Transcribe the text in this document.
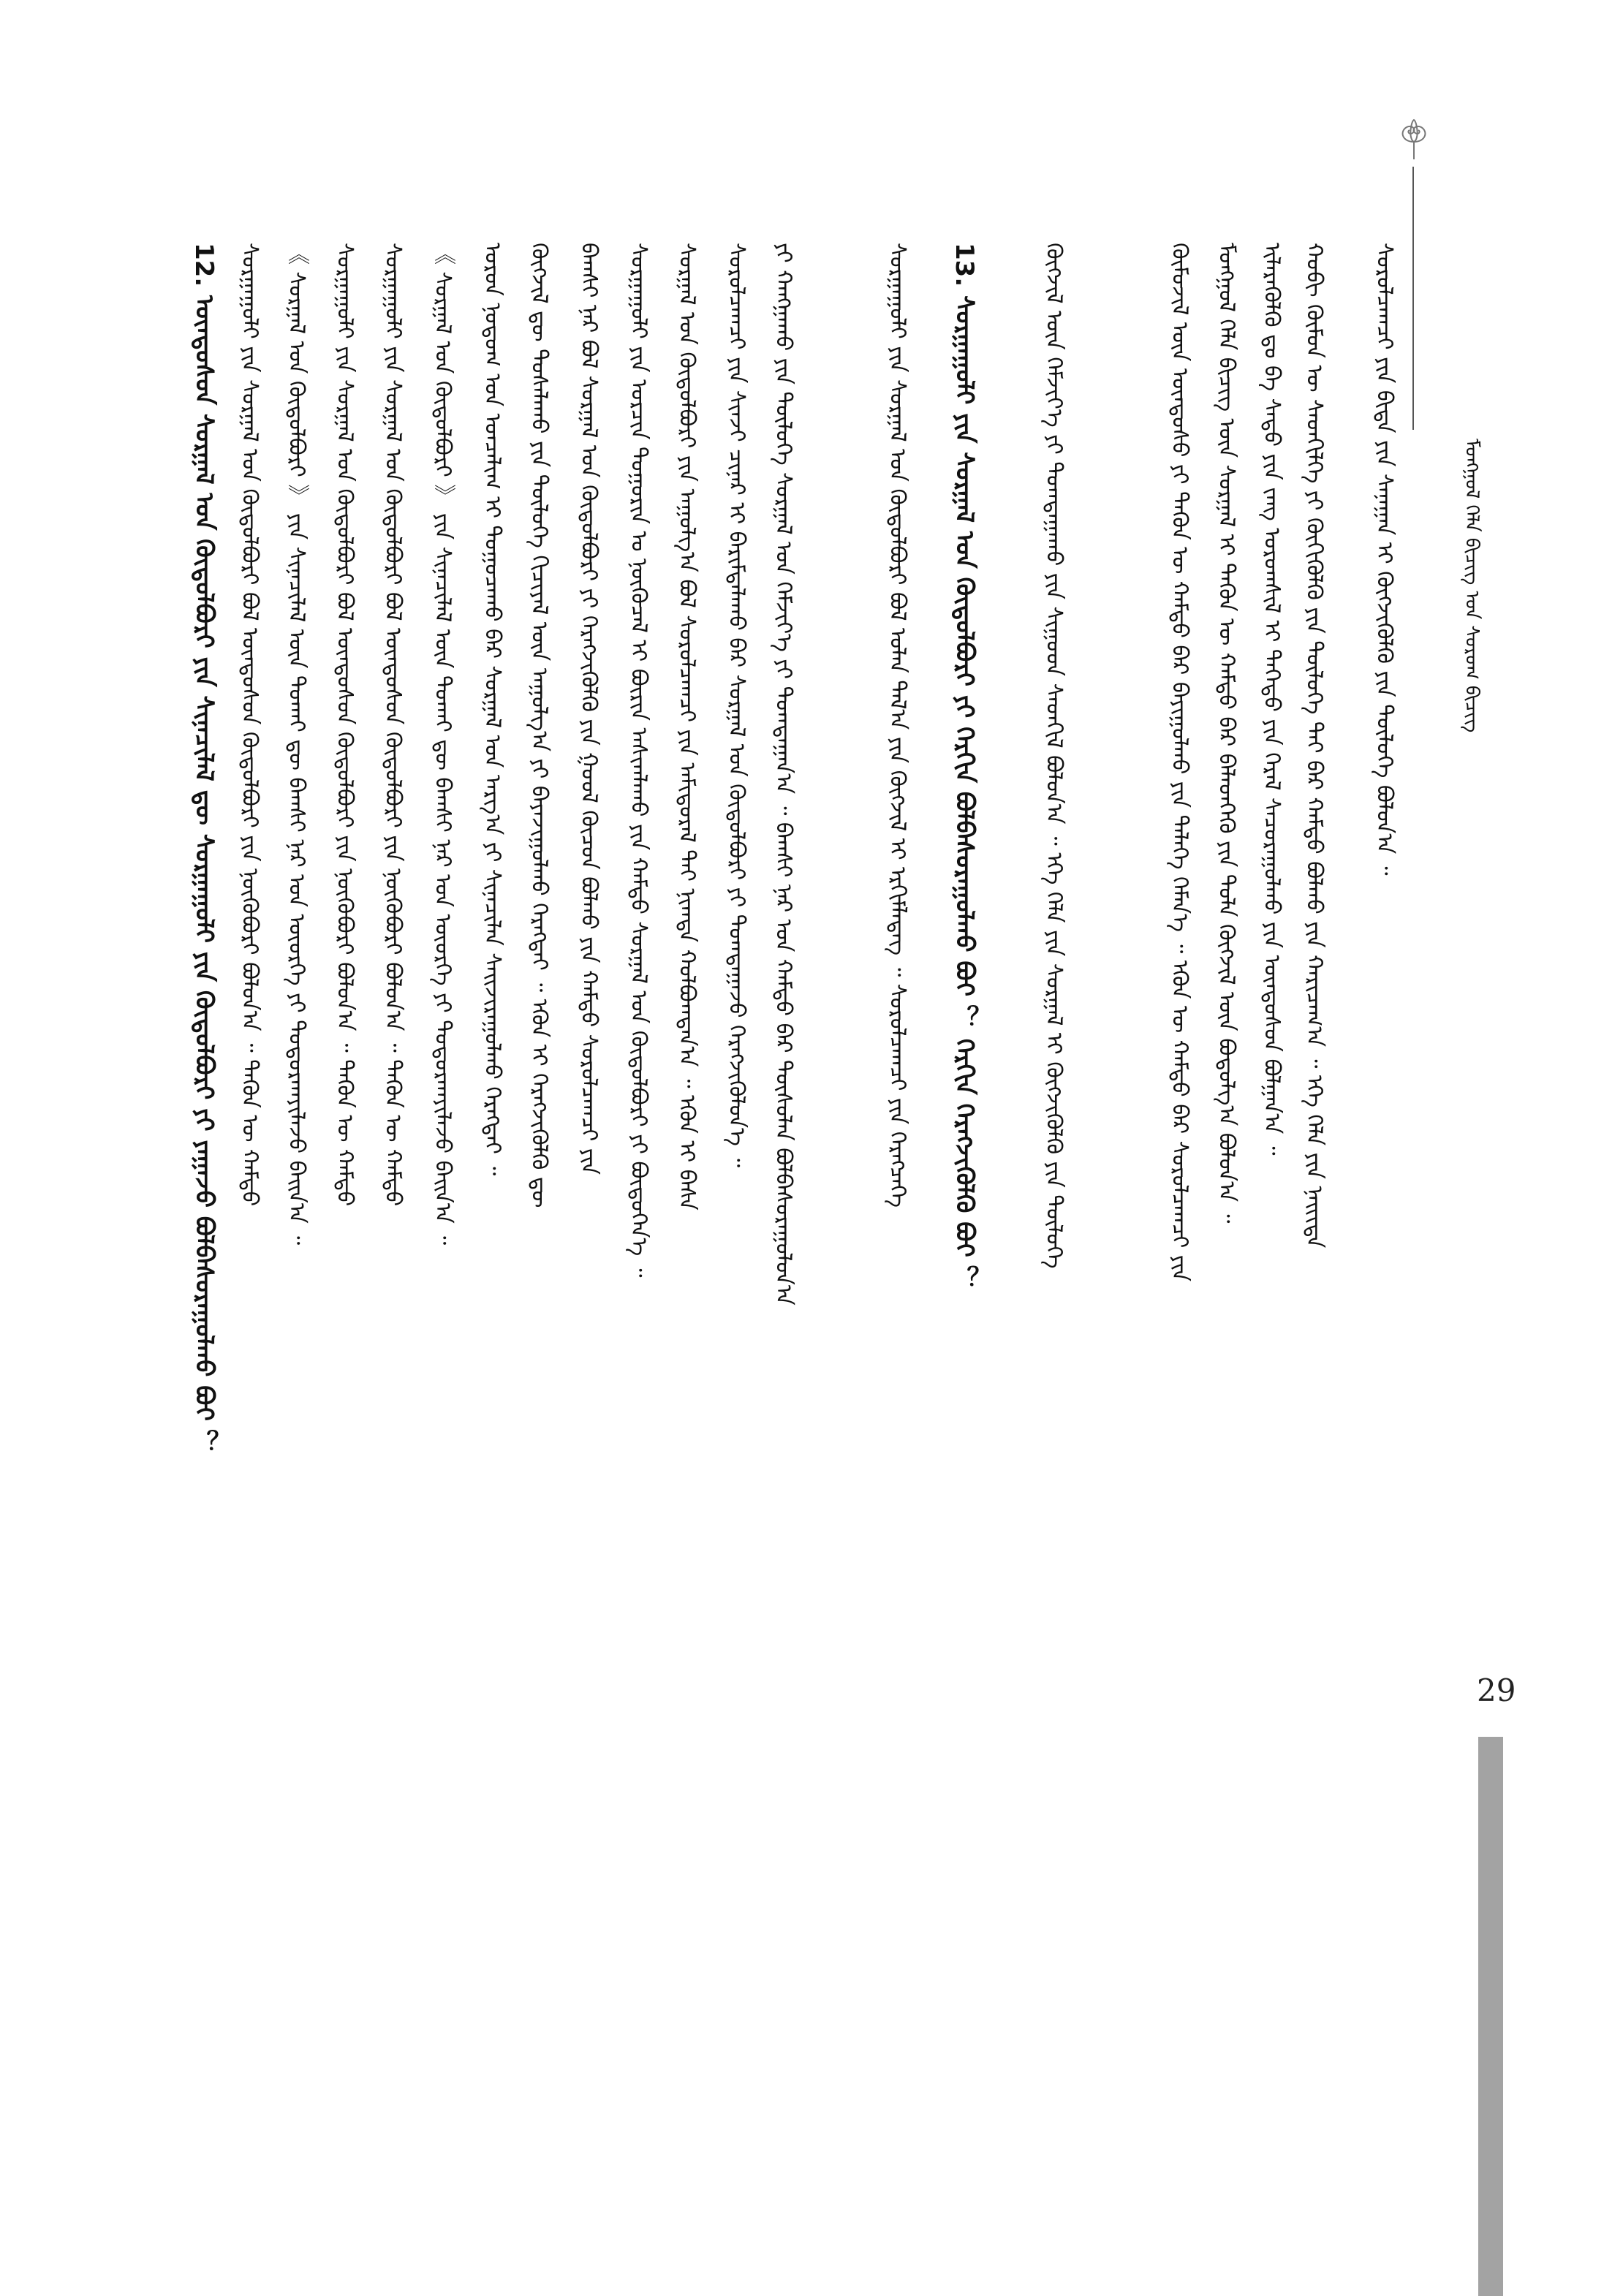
ᠮᠣᠩᠭᠣᠯ ᠬᠡᠯᠡ ᠪᠢᠴᠢᠭ᠌ ᠤᠨ ᠰᠤᠷᠤᠬ ᠪᠢᠴᠢᠭ᠌
ᠰᠤᠷᠤᠯᠴᠠᠭᠴᠢ ᠶᠢᠨ ᠪᠢᠳᠡ ᠶᠢᠨ ᠰᠠᠨᠠᠭᠠᠨ ᠢ ᠬᠥᠭᠵᠢᠭᠦᠯᠬᠦ ᠶᠢᠨ ᠲᠥᠯᠥᠭᠡ ᠪᠣᠯᠤᠨ᠎ᠠ ᠃
ᠬᠤᠪᠢ ᠬᠥᠮᠦᠨ ᠦ ᠰᠡᠳᠬᠢᠯᠭᠡ ᠶᠢ ᠬᠥᠬᠢᠭᠦᠯᠬᠦ ᠶᠢᠨ ᠲᠥᠯᠥᠭᠡ ᠲᠠᠢ ᠪᠡᠷ ᠬᠠᠮᠲᠤ ᠪᠣᠯᠬᠤ ᠶᠢᠨ ᠬᠠᠷᠢᠴᠠᠭ᠎ᠠ ᠃ ᠡᠬᠡ ᠬᠡᠯᠡ ᠶᠢᠨ ᠨᠡᠢᠢᠲᠡ
ᠢᠯᠡᠷᠡᠭᠦᠯᠬᠦ ᠳᠤ ᠪᠠ ᠰᠠᠳᠤ ᠶᠢᠨ ᠵᠠᠩ ᠤᠷᠤᠭᠰᠢᠯ ᠢ ᠳᠡᠭᠡᠳᠦ ᠶᠢᠨ ᠭᠡᠷᠡᠯ ᠰᠠᠴᠤᠷᠠᠭᠤᠯᠬᠤ ᠶᠢᠨ ᠦᠨᠳᠦᠰᠦᠨ ᠪᠣᠯᠭᠠᠨ᠎ᠠ ᠃
ᠮᠣᠩᠭᠣᠯ ᠬᠡᠯᠡ ᠪᠢᠴᠢᠭ᠌ ᠦᠨ ᠰᠤᠷᠭᠠᠯ ᠢ ᠲᠡᠭᠦᠨ ᠦ ᠬᠠᠮᠲᠤ ᠪᠠᠷ ᠪᠡᠯᠡᠳᠬᠡᠬᠦ ᠶᠢᠨ ᠲᠤᠯᠠ ᠬᠥᠭᠵᠢᠯ ᠦᠨ ᠪᠣᠳᠤᠯᠭ᠎ᠠ ᠪᠣᠯᠤᠨ᠎ᠠ ᠃
ᠬᠦᠮᠦᠵᠢᠯ ᠦᠨ ᠦᠨᠳᠦᠰᠦ ᠶᠢ ᠲᠡᠭᠦᠨ ᠦ ᠬᠠᠮᠲᠤ ᠪᠠᠷ ᠪᠠᠶᠢᠭᠤᠯᠬᠤ ᠶᠢᠨ ᠲᠡᠯᠡᠭᠡ ᠬᠡᠮᠡᠨ᠎ᠡ ᠃ ᠡᠭᠦᠨ ᠦ ᠬᠠᠮᠲᠤ ᠪᠠᠷ ᠰᠤᠷᠤᠯᠴᠠᠭᠴᠢ ᠶᠢᠨ
ᠬᠥᠭᠵᠢᠯ ᠦᠨ ᠬᠡᠮᠵᠢᠶ᠎ᠡ ᠶᠢ ᠲᠣᠭᠲᠠᠭᠠᠬᠤ ᠶᠢᠨ ᠰᠢᠭᠤᠳ ᠰᠡᠳᠬᠢᠯ ᠪᠣᠯᠤᠨ᠎ᠠ ᠃ ᠡᠬᠡ ᠬᠡᠯᠡ ᠶᠢᠨ ᠰᠤᠷᠭᠠᠯ ᠢ ᠬᠥᠭᠵᠢᠭᠦᠯᠬᠦ ᠶᠢᠨ ᠲᠥᠯᠥᠭᠡ
13. ᠰᠤᠷᠭᠠᠭᠤᠯᠢ ᠶᠢᠨ ᠰᠤᠷᠭᠠᠯ ᠤᠨ ᠬᠥᠲᠦᠯᠪᠦᠷᠢ ᠶᠢ ᠬᠡᠷᠬᠢᠨ ᠪᠣᠯᠪᠠᠰᠤᠷᠠᠭᠤᠯᠬᠤ ᠪᠤᠢ ？ ᠬᠡᠷᠬᠢᠨ ᠬᠡᠷᠡᠭᠵᠢᠭᠦᠯᠬᠦ ᠪᠤᠢ ？
ᠰᠤᠷᠭᠠᠭᠤᠯᠢ ᠶᠢᠨ ᠰᠤᠷᠭᠠᠯ ᠤᠨ ᠬᠥᠲᠦᠯᠪᠦᠷᠢ ᠪᠣᠯ ᠣᠯᠠᠨ ᠲᠠᠯ᠎ᠠ ᠶᠢᠨ ᠬᠥᠭᠵᠢᠯ ᠢ ᠡᠷᠬᠢᠮᠯᠡᠳᠡᠭ ᠃ ᠰᠤᠷᠤᠯᠴᠠᠭᠴᠢ ᠶᠢᠨ ᠬᠡᠷᠡᠭᠴᠡᠭᠡ
ᠶᠢ ᠬᠠᠩᠭᠠᠬᠤ ᠶᠢᠨ ᠲᠥᠯᠥᠭᠡ ᠰᠤᠷᠭᠠᠯ ᠤᠨ ᠬᠡᠮᠵᠢᠶ᠎ᠡ ᠶᠢ ᠲᠣᠭᠲᠠᠭᠠᠨ᠎ᠠ ᠃ ᠪᠠᠭᠰᠢ ᠨᠠᠷ ᠤᠨ ᠬᠠᠮᠲᠤ ᠪᠠᠷ ᠲᠥᠰᠥᠯᠡᠨ ᠪᠣᠯᠪᠠᠰᠤᠷᠠᠭᠤᠯᠤᠨ᠎ᠠ
ᠰᠤᠷᠤᠯᠴᠠᠭᠴᠢ ᠶᠢᠨ ᠰᠢᠨᠵᠢ ᠴᠢᠨᠠᠷ ᠢ ᠪᠠᠷᠢᠮᠲᠠᠯᠠᠬᠤ ᠪᠠᠷ ᠰᠤᠷᠭᠠᠯ ᠤᠨ ᠬᠥᠲᠦᠯᠪᠦᠷᠢ ᠶᠢ ᠲᠣᠭᠲᠠᠭᠠᠵᠤ ᠬᠡᠷᠡᠭᠵᠢᠭᠦᠯᠦᠨ᠎ᠡ ᠃
ᠰᠤᠷᠭᠠᠯ ᠤᠨ ᠬᠥᠲᠦᠯᠪᠦᠷᠢ ᠶᠢᠨ ᠠᠭᠤᠯᠭ᠎ᠠ ᠪᠣᠯ ᠰᠤᠷᠤᠯᠴᠠᠭᠴᠢ ᠶᠢᠨ ᠠᠮᠢᠳᠤᠷᠠᠯ ᠲᠠᠢ ᠨᠢᠭᠲᠠ ᠬᠣᠯᠪᠣᠭᠳᠠᠨ᠎ᠠ ᠃ ᠡᠭᠦᠨ ᠢ ᠪᠠᠰᠠ
ᠰᠤᠷᠭᠠᠭᠤᠯᠢ ᠶᠢᠨ ᠣᠷᠴᠢᠨ ᠲᠣᠭᠣᠷᠢᠨ ᠤ ᠨᠥᠬᠥᠴᠡᠯ ᠢ ᠪᠦᠷᠢᠨ ᠠᠰᠢᠭᠯᠠᠬᠤ ᠶᠢᠨ ᠬᠠᠮᠲᠤ ᠰᠤᠷᠭᠠᠯ ᠤᠨ ᠬᠥᠲᠦᠯᠪᠦᠷᠢ ᠶᠢ ᠪᠦᠲᠦᠭᠡᠨ᠎ᠡ ᠃
ᠪᠠᠭᠰᠢ ᠨᠠᠷ ᠪᠣᠯ ᠰᠤᠷᠭᠠᠯ ᠤᠨ ᠬᠥᠲᠦᠯᠪᠦᠷᠢ ᠶᠢ ᠬᠡᠷᠡᠭᠵᠢᠭᠦᠯᠬᠦ ᠶᠢᠨ ᠭᠣᠣᠯ ᠬᠦᠴᠦᠨ ᠪᠣᠯᠬᠤ ᠶᠢᠨ ᠬᠠᠮᠲᠤ ᠰᠤᠷᠤᠯᠴᠠᠭᠴᠢ ᠶᠢᠨ
ᠬᠥᠭᠵᠢᠯ ᠳᠦ ᠲᠤᠰᠠᠯᠠᠬᠤ ᠶᠢᠨ ᠲᠥᠯᠥᠭᠡ ᠬᠢᠴᠢᠶᠡᠯ ᠦᠨ ᠠᠭᠤᠯᠭ᠎ᠠ ᠶᠢ ᠪᠠᠶᠠᠵᠢᠭᠤᠯᠬᠤ ᠬᠡᠷᠡᠭᠲᠡᠢ ᠃ ᠡᠭᠦᠨ ᠢ ᠬᠡᠷᠡᠭᠵᠢᠭᠦᠯᠬᠦ ᠳᠦ
ᠣᠷᠣᠨ ᠨᠤᠲᠤᠭ ᠤᠨ ᠣᠨᠴᠠᠯᠢᠭ ᠢ ᠲᠣᠭᠣᠴᠠᠬᠤ ᠪᠠᠷ ᠰᠤᠷᠭᠠᠯ ᠤᠨ ᠠᠷᠭ᠎ᠠ ᠶᠢ ᠰᠢᠨᠡᠴᠢᠯᠡᠨ ᠰᠠᠢᠵᠢᠷᠠᠭᠤᠯᠬᠤ ᠬᠡᠷᠡᠭᠲᠡᠢ ᠃
《 ᠰᠤᠷᠭᠠᠯ ᠤᠨ ᠬᠥᠲᠦᠯᠪᠦᠷᠢ 》 ᠶᠢᠨ ᠰᠢᠨᠡᠴᠢᠯᠡᠯ ᠦᠨ ᠲᠤᠬᠠᠢ ᠳᠦ ᠪᠠᠭᠰᠢ ᠨᠠᠷ ᠤᠨ ᠦᠦᠷᠭᠡ ᠶᠢ ᠲᠣᠳᠣᠷᠬᠠᠶᠢᠯᠠᠵᠤ ᠪᠠᠢᠨ᠎ᠠ ᠃
ᠰᠤᠷᠭᠠᠭᠤᠯᠢ ᠶᠢᠨ ᠰᠤᠷᠭᠠᠯ ᠤᠨ ᠬᠥᠲᠦᠯᠪᠦᠷᠢ ᠪᠣᠯ ᠦᠨᠳᠦᠰᠦᠨ ᠬᠥᠲᠦᠯᠪᠦᠷᠢ ᠶᠢᠨ ᠨᠥᠬᠥᠪᠥᠷᠢ ᠪᠣᠯᠤᠨ᠎ᠠ ᠃ ᠲᠡᠭᠦᠨ ᠦ ᠬᠠᠮᠲᠤ
ᠰᠤᠷᠭᠠᠭᠤᠯᠢ ᠶᠢᠨ ᠰᠤᠷᠭᠠᠯ ᠤᠨ ᠬᠥᠲᠦᠯᠪᠦᠷᠢ ᠪᠣᠯ ᠦᠨᠳᠦᠰᠦᠨ ᠬᠥᠲᠦᠯᠪᠦᠷᠢ ᠶᠢᠨ ᠨᠥᠬᠥᠪᠥᠷᠢ ᠪᠣᠯᠤᠨ᠎ᠠ ᠃ ᠲᠡᠭᠦᠨ ᠦ ᠬᠠᠮᠲᠤ
《 ᠰᠤᠷᠭᠠᠯ ᠤᠨ ᠬᠥᠲᠦᠯᠪᠦᠷᠢ 》 ᠶᠢᠨ ᠰᠢᠨᠡᠴᠢᠯᠡᠯ ᠦᠨ ᠲᠤᠬᠠᠢ ᠳᠦ ᠪᠠᠭᠰᠢ ᠨᠠᠷ ᠤᠨ ᠦᠦᠷᠭᠡ ᠶᠢ ᠲᠣᠳᠣᠷᠬᠠᠶᠢᠯᠠᠵᠤ ᠪᠠᠢᠨ᠎ᠠ ᠃
ᠰᠤᠷᠭᠠᠭᠤᠯᠢ ᠶᠢᠨ ᠰᠤᠷᠭᠠᠯ ᠤᠨ ᠬᠥᠲᠦᠯᠪᠦᠷᠢ ᠪᠣᠯ ᠦᠨᠳᠦᠰᠦᠨ ᠬᠥᠲᠦᠯᠪᠦᠷᠢ ᠶᠢᠨ ᠨᠥᠬᠥᠪᠥᠷᠢ ᠪᠣᠯᠤᠨ᠎ᠠ ᠃ ᠲᠡᠭᠦᠨ ᠦ ᠬᠠᠮᠲᠤ
12. ᠦᠨᠳᠦᠰᠦᠨ ᠰᠤᠷᠭᠠᠯ ᠤᠨ ᠬᠥᠲᠦᠯᠪᠦᠷᠢ ᠶᠢᠨ ᠰᠢᠨᠡᠴᠢᠯᠡᠯ ᠳᠦ ᠰᠤᠷᠭᠠᠭᠤᠯᠢ ᠶᠢᠨ ᠬᠥᠲᠦᠯᠪᠦᠷᠢ ᠶᠢ ᠶᠠᠭᠠᠵᠤ ᠪᠣᠯᠪᠠᠰᠤᠷᠠᠭᠤᠯᠬᠤ ᠪᠤᠢ ？
29
